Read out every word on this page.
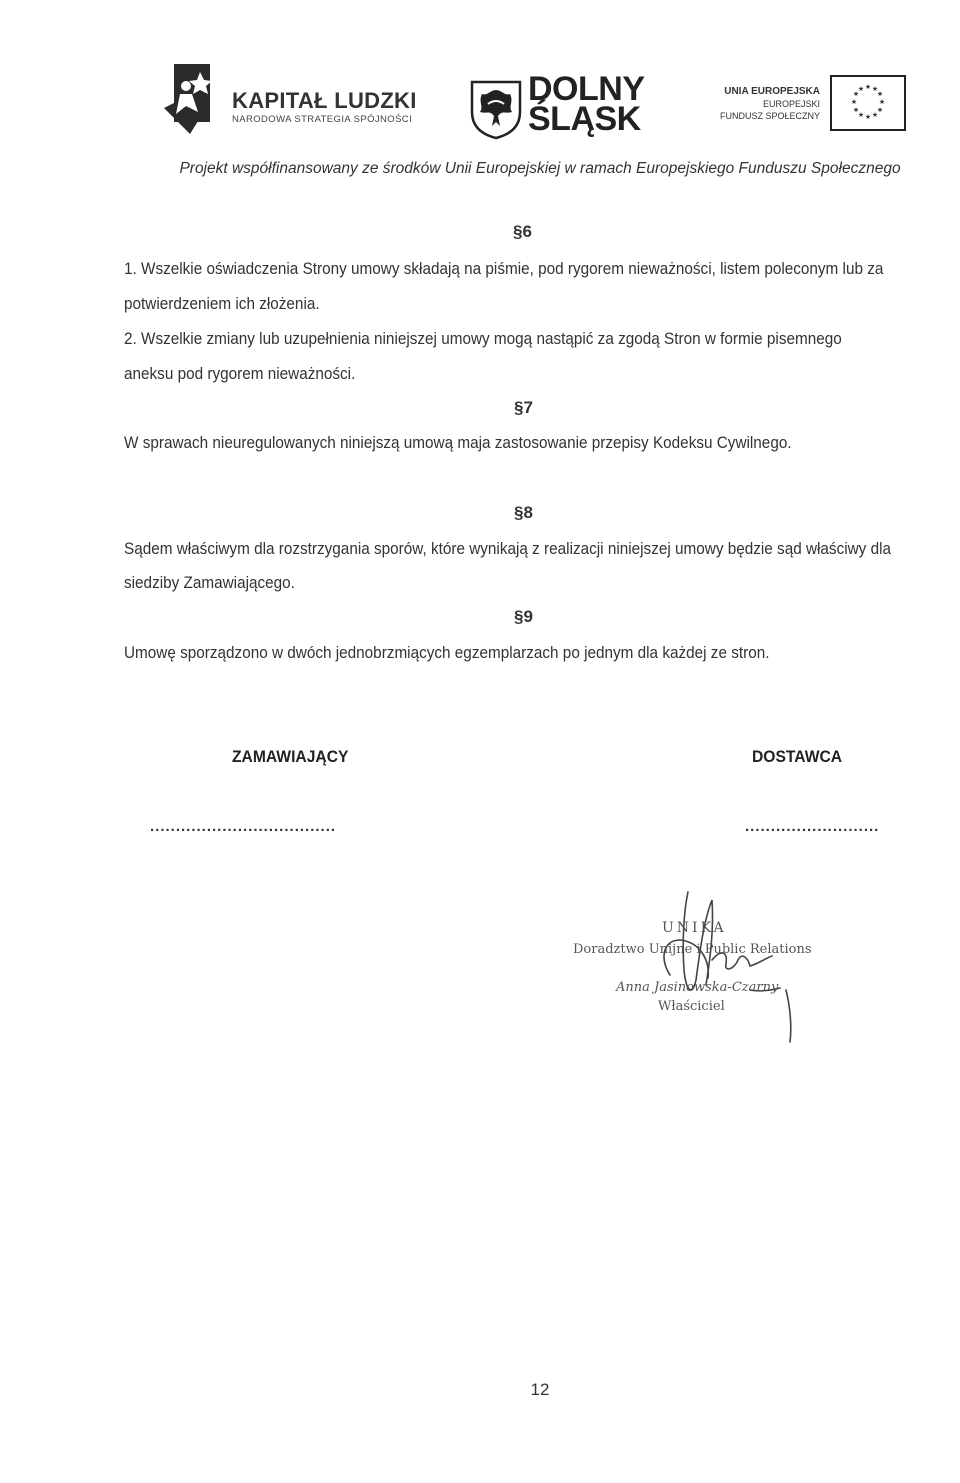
KAPITAŁ LUDZKI
NARODOWA STRATEGIA SPÓJNOŚCI
DOLNY
ŚLĄSK
UNIA EUROPEJSKA
EUROPEJSKI
FUNDUSZ SPOŁECZNY
★ ★
★
★
★
★
★
★
★
★
★
★
Projekt współfinansowany ze środków Unii Europejskiej w ramach Europejskiego Funduszu Społecznego
§6
1. Wszelkie oświadczenia Strony umowy składają na piśmie, pod rygorem nieważności, listem poleconym lub za
potwierdzeniem ich złożenia.
2. Wszelkie zmiany lub uzupełnienia niniejszej umowy mogą nastąpić za zgodą Stron w formie pisemnego
aneksu pod rygorem nieważności.
§7
W sprawach nieuregulowanych niniejszą umową maja zastosowanie przepisy Kodeksu Cywilnego.
§8
Sądem właściwym dla rozstrzygania sporów, które wynikają z realizacji niniejszej umowy będzie sąd właściwy dla
siedziby Zamawiającego.
§9
Umowę sporządzono w dwóch jednobrzmiących egzemplarzach po jednym dla każdej ze stron.
ZAMAWIAJĄCY	DOSTAWCA
....................................	..........................
UNIKA
Doradztwo Unijne i Public Relations
Anna Jasinowska-Czarny
Właściciel
12
